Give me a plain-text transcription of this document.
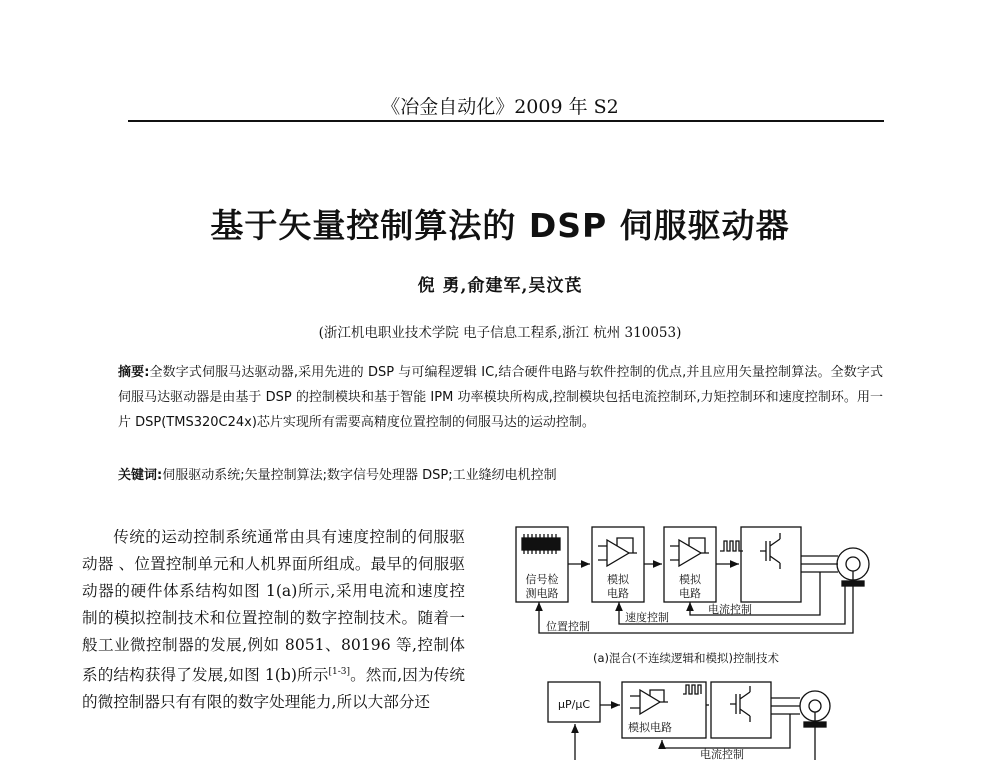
《冶金自动化》2009 年 S2
基于矢量控制算法的 DSP 伺服驱动器
倪 勇,俞建军,吴汶芪
(浙江机电职业技术学院 电子信息工程系,浙江 杭州 310053)
摘要:全数字式伺服马达驱动器,采用先进的 DSP 与可编程逻辑 IC,结合硬件电路与软件控制的优点,并且应用矢量控制算法。全数字式伺服马达驱动器是由基于 DSP 的控制模块和基于智能 IPM 功率模块所构成,控制模块包括电流控制环,力矩控制环和速度控制环。用一片 DSP(TMS320C24x)芯片实现所有需要高精度位置控制的伺服马达的运动控制。
关键词:伺服驱动系统;矢量控制算法;数字信号处理器 DSP;工业缝纫电机控制
传统的运动控制系统通常由具有速度控制的伺服驱动器 、位置控制单元和人机界面所组成。最早的伺服驱动器的硬件体系结构如图 1(a)所示,采用电流和速度控制的模拟控制技术和位置控制的数字控制技术。随着一般工业微控制器的发展,例如 8051、80196 等,控制体系的结构获得了发展,如图 1(b)所示[1-3]。然而,因为传统的微控制器只有有限的数字处理能力,所以大部分还
信号检
测电路
模拟
电路
模拟
电路
位置控制
速度控制
电流控制
(a)混合(不连续逻辑和模拟)控制技术
μP/μC
模拟电路
电流控制
